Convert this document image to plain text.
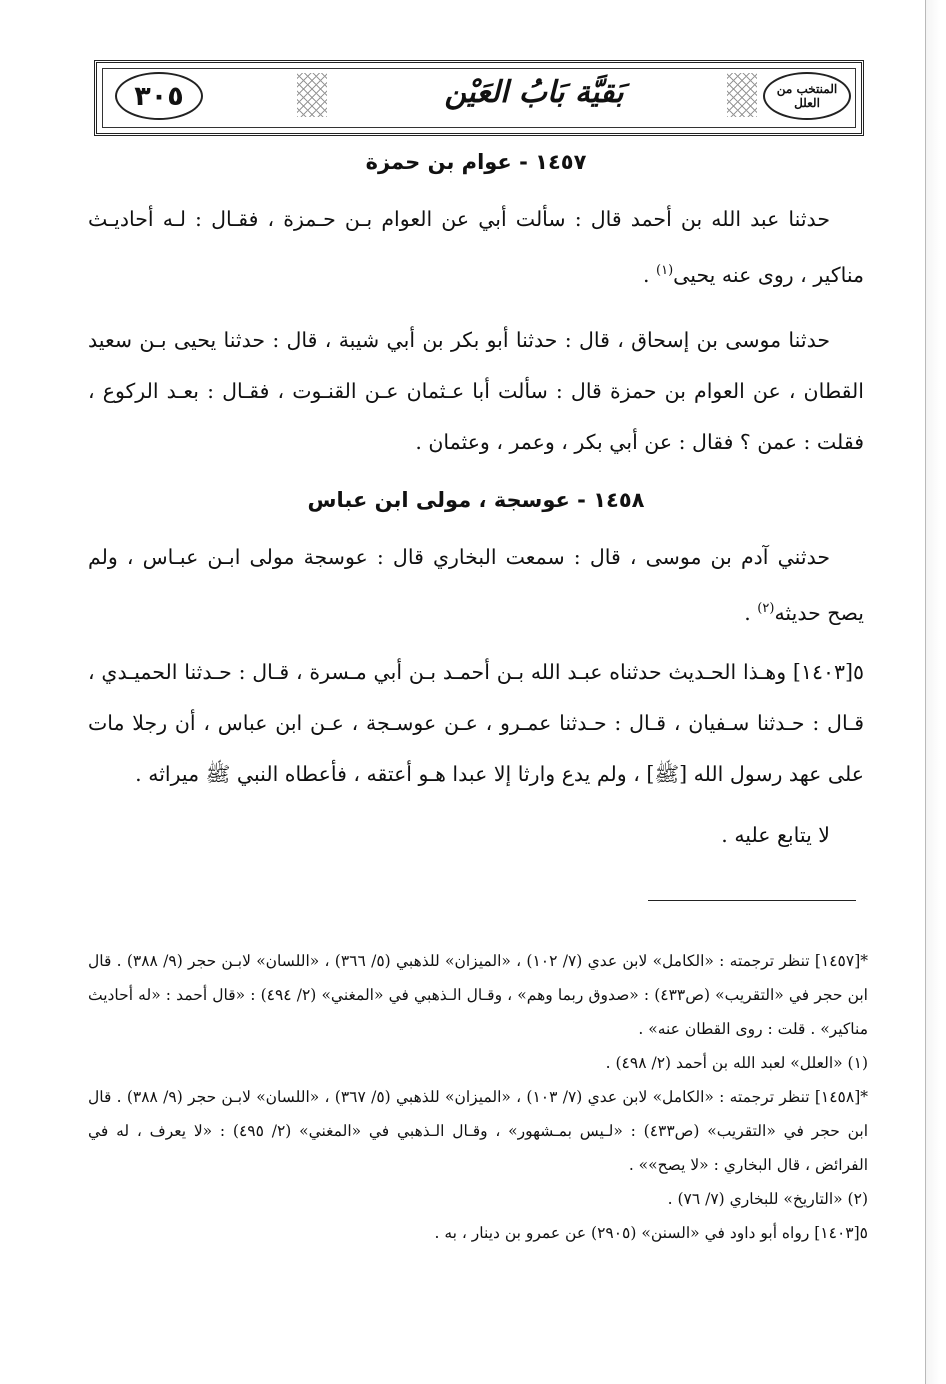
٣٠٥	بَقيَّة بَابُ العَيْن	المنتخب من العلل

١٤٥٧ - عوام بن حمزة

حدثنا عبد الله بن أحمد قال : سألت أبي عن العوام بـن حـمزة ، فقـال : لـه أحاديـث مناكير ، روى عنه يحيى$^{(١)}$ .

حدثنا موسى بن إسحاق ، قال : حدثنا أبو بكر بن أبي شيبة ، قال : حدثنا يحيى بـن سعيد القطان ، عن العوام بن حمزة قال : سألت أبا عـثمان عـن القنـوت ، فقـال : بعـد الركوع ، فقلت : عمن ؟ فقال : عن أبي بكر ، وعمر ، وعثمان .

١٤٥٨ - عوسجة ، مولى ابن عباس

حدثني آدم بن موسى ، قال : سمعت البخاري قال : عوسجة مولى ابـن عبـاس ، ولم يصح حديثه$^{(٢)}$ .

٥[١٤٠٣] وهـذا الحـديث حدثناه عبـد الله بـن أحمـد بـن أبي مـسرة ، قـال : حـدثنا الحميـدي ، قـال : حـدثنا سـفيان ، قـال : حـدثنا عمـرو ، عـن عوسـجة ، عـن ابن عباس ، أن رجلا مات على عهد رسول الله [ﷺ] ، ولم يدع وارثا إلا عبدا هـو أعتقه ، فأعطاه النبي ﷺ ميراثه .

لا يتابع عليه .

*[١٤٥٧] تنظر ترجمته : «الكامل» لابن عدي (٧/ ١٠٢) ، «الميزان» للذهبي (٥/ ٣٦٦) ، «اللسان» لابـن حجر (٩/ ٣٨٨) . قال ابن حجر في «التقريب» (ص٤٣٣) : «صدوق ربما وهم» ، وقـال الـذهبي في «المغني» (٢/ ٤٩٤) : «قال أحمد : «له أحاديث مناكير» . قلت : روى القطان عنه» .

(١) «العلل» لعبد الله بن أحمد (٢/ ٤٩٨) .

*[١٤٥٨] تنظر ترجمته : «الكامل» لابن عدي (٧/ ١٠٣) ، «الميزان» للذهبي (٥/ ٣٦٧) ، «اللسان» لابـن حجر (٩/ ٣٨٨) . قال ابن حجر في «التقريب» (ص٤٣٣) : «لـيس بمـشهور» ، وقـال الـذهبي في «المغني» (٢/ ٤٩٥) : «لا يعرف ، له في الفرائض ، قال البخاري : «لا يصح»» .

(٢) «التاريخ» للبخاري (٧/ ٧٦) .

٥[١٤٠٣] رواه أبو داود في «السنن» (٢٩٠٥) عن عمرو بن دينار ، به .
